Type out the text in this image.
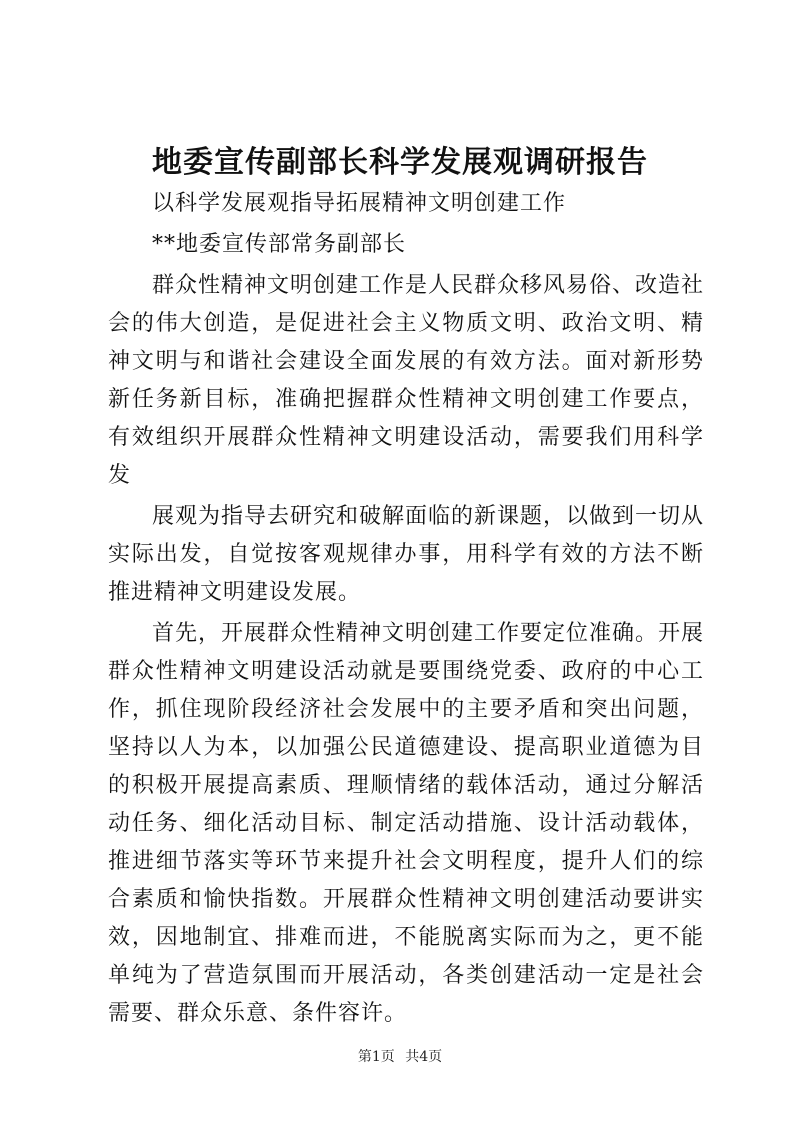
地委宣传副部长科学发展观调研报告

以科学发展观指导拓展精神文明创建工作

**地委宣传部常务副部长

群众性精神文明创建工作是人民群众移风易俗、改造社会的伟大创造，是促进社会主义物质文明、政治文明、精神文明与和谐社会建设全面发展的有效方法。面对新形势新任务新目标，准确把握群众性精神文明创建工作要点，有效组织开展群众性精神文明建设活动，需要我们用科学发

展观为指导去研究和破解面临的新课题，以做到一切从实际出发，自觉按客观规律办事，用科学有效的方法不断推进精神文明建设发展。

首先，开展群众性精神文明创建工作要定位准确。开展群众性精神文明建设活动就是要围绕党委、政府的中心工作，抓住现阶段经济社会发展中的主要矛盾和突出问题，坚持以人为本，以加强公民道德建设、提高职业道德为目的积极开展提高素质、理顺情绪的载体活动，通过分解活动任务、细化活动目标、制定活动措施、设计活动载体，推进细节落实等环节来提升社会文明程度，提升人们的综合素质和愉快指数。开展群众性精神文明创建活动要讲实效，因地制宜、排难而进，不能脱离实际而为之，更不能单纯为了营造氛围而开展活动，各类创建活动一定是社会需要、群众乐意、条件容许。

第1页 共4页
